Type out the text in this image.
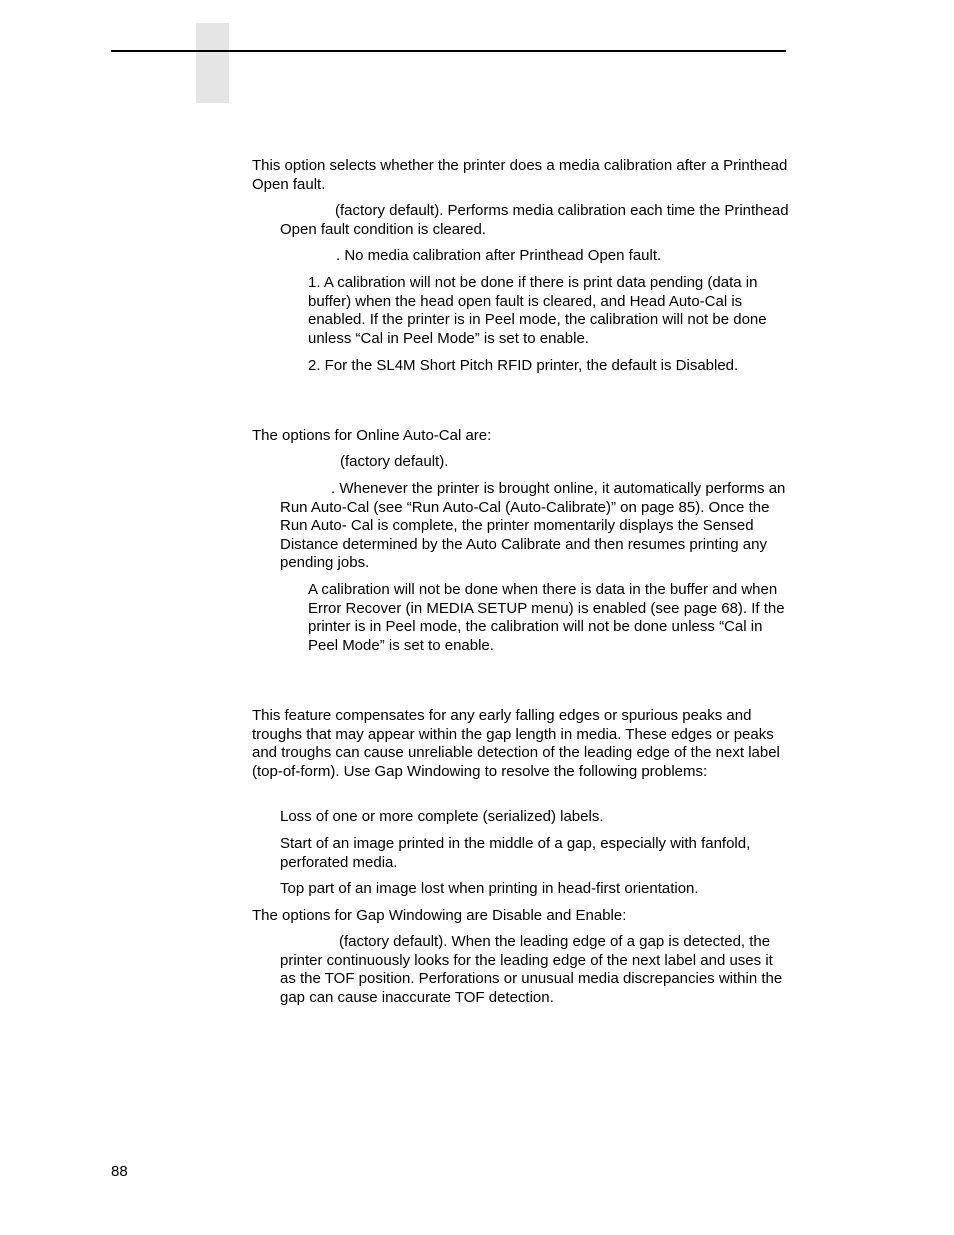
This option selects whether the printer does a media calibration after a Printhead Open fault.

(factory default). Performs media calibration each time the Printhead Open fault condition is cleared.

. No media calibration after Printhead Open fault.

1. A calibration will not be done if there is print data pending (data in buffer) when the head open fault is cleared, and Head Auto-Cal is enabled. If the printer is in Peel mode, the calibration will not be done unless “Cal in Peel Mode” is set to enable.

2. For the SL4M Short Pitch RFID printer, the default is Disabled.

The options for Online Auto-Cal are:

(factory default).

. Whenever the printer is brought online, it automatically performs an Run Auto-Cal (see “Run Auto-Cal (Auto-Calibrate)” on page 85). Once the Run Auto- Cal is complete, the printer momentarily displays the Sensed Distance determined by the Auto Calibrate and then resumes printing any pending jobs.

A calibration will not be done when there is data in the buffer and when Error Recover (in MEDIA SETUP menu) is enabled (see page 68). If the printer is in Peel mode, the calibration will not be done unless “Cal in Peel Mode” is set to enable.

This feature compensates for any early falling edges or spurious peaks and troughs that may appear within the gap length in media. These edges or peaks and troughs can cause unreliable detection of the leading edge of the next label (top-of-form). Use Gap Windowing to resolve the following problems:

Loss of one or more complete (serialized) labels.

Start of an image printed in the middle of a gap, especially with fanfold, perforated media.

Top part of an image lost when printing in head-first orientation.

The options for Gap Windowing are Disable and Enable:

(factory default). When the leading edge of a gap is detected, the printer continuously looks for the leading edge of the next label and uses it as the TOF position. Perforations or unusual media discrepancies within the gap can cause inaccurate TOF detection.

88
